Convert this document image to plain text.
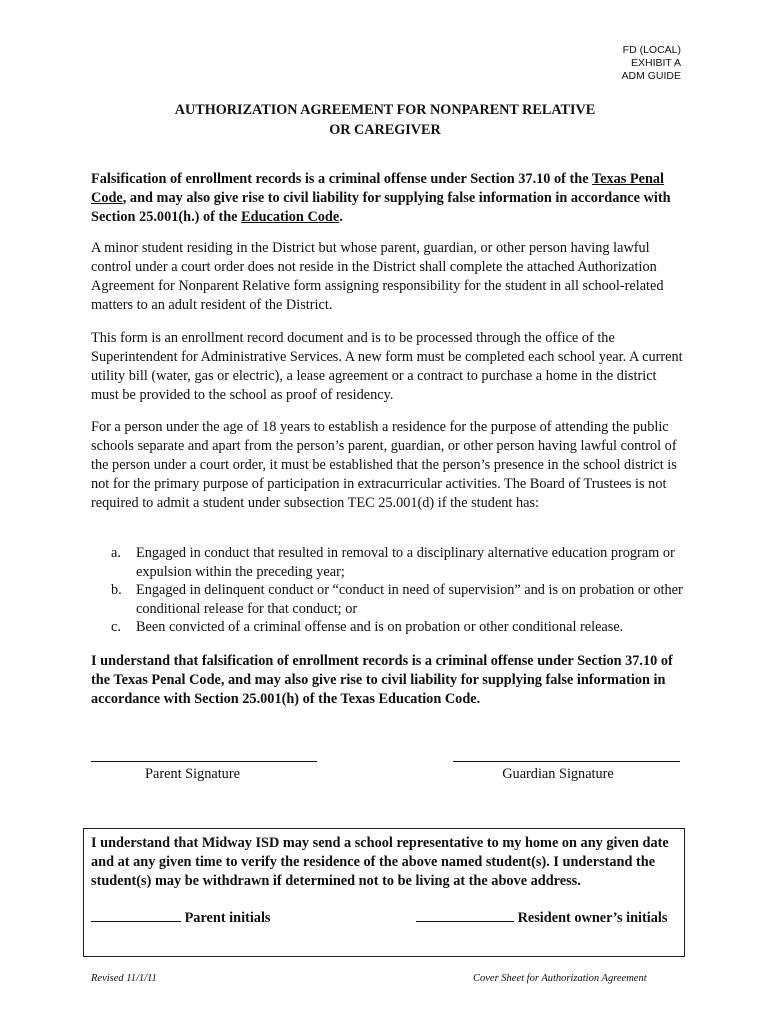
FD (LOCAL)
EXHIBIT A
ADM GUIDE
AUTHORIZATION AGREEMENT FOR NONPARENT RELATIVE
OR CAREGIVER
Falsification of enrollment records is a criminal offense under Section 37.10 of the Texas Penal Code, and may also give rise to civil liability for supplying false information in accordance with Section 25.001(h.) of the Education Code.
A minor student residing in the District but whose parent, guardian, or other person having lawful control under a court order does not reside in the District shall complete the attached Authorization Agreement for Nonparent Relative form assigning responsibility for the student in all school-related matters to an adult resident of the District.
This form is an enrollment record document and is to be processed through the office of the Superintendent for Administrative Services. A new form must be completed each school year. A current utility bill (water, gas or electric), a lease agreement or a contract to purchase a home in the district must be provided to the school as proof of residency.
For a person under the age of 18 years to establish a residence for the purpose of attending the public schools separate and apart from the person’s parent, guardian, or other person having lawful control of the person under a court order, it must be established that the person’s presence in the school district is not for the primary purpose of participation in extracurricular activities. The Board of Trustees is not required to admit a student under subsection TEC 25.001(d) if the student has:
a. Engaged in conduct that resulted in removal to a disciplinary alternative education program or expulsion within the preceding year;
b. Engaged in delinquent conduct or “conduct in need of supervision” and is on probation or other conditional release for that conduct; or
c. Been convicted of a criminal offense and is on probation or other conditional release.
I understand that falsification of enrollment records is a criminal offense under Section 37.10 of the Texas Penal Code, and may also give rise to civil liability for supplying false information in accordance with Section 25.001(h) of the Texas Education Code.
Parent Signature	Guardian Signature
I understand that Midway ISD may send a school representative to my home on any given date and at any given time to verify the residence of the above named student(s). I understand the student(s) may be withdrawn if determined not to be living at the above address.
Parent initials	Resident owner’s initials
Revised 11/1/11	Cover Sheet for Authorization Agreement
